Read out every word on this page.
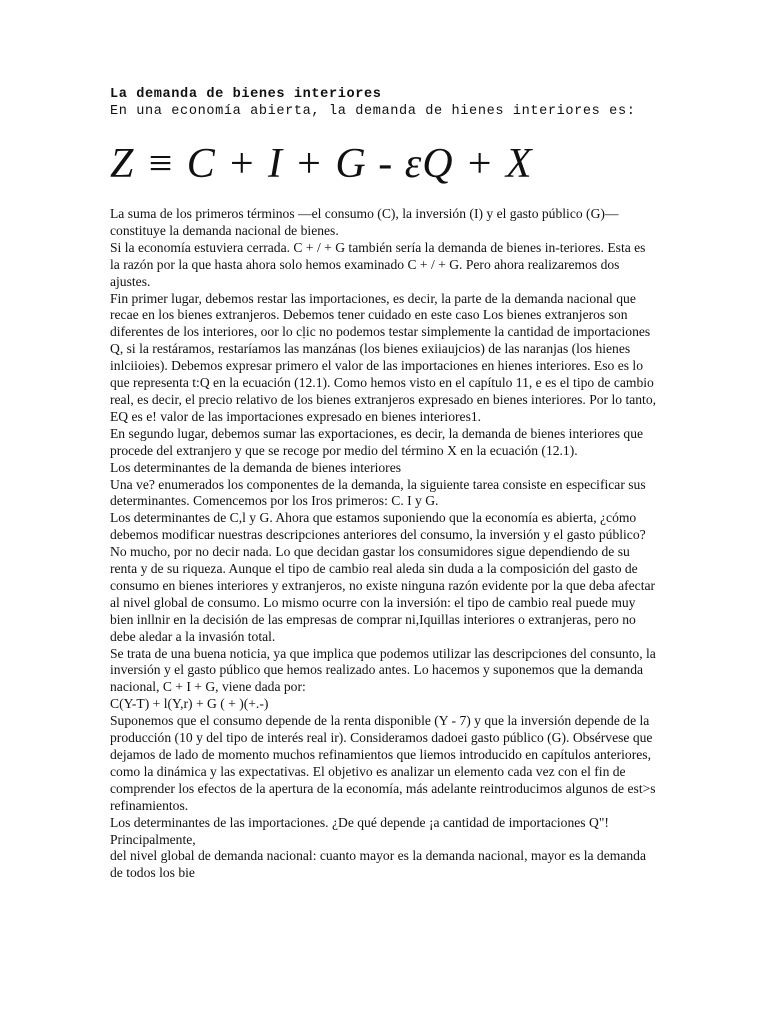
La demanda de bienes interiores
En una economía abierta, la demanda de hienes interiores es:
Z ≡ C + I + G - εQ + X

La suma de los primeros términos —el consumo (C), la inversión (I) y el gasto público (G)— constituye la demanda nacional de bienes.

Si la economía estuviera cerrada. C + / + G también sería la demanda de bienes in-teriores. Esta es la razón por la que hasta ahora solo hemos examinado C + / + G. Pero ahora realizaremos dos ajustes.

Fin primer lugar, debemos restar las importaciones, es decir, la parte de la demanda nacional que recae en los bienes extranjeros. Debemos tener cuidado en este caso Los bienes extranjeros son diferentes de los interiores, oor lo cḷic no podemos testar simplemente la cantidad de importaciones Q, si la restáramos, restaríamos las manzánas (los bienes exiiaujcios) de las naranjas (los hienes inlciioies). Debemos expresar primero el valor de las importaciones en hienes interiores. Eso es lo que representa t:Q en la ecuación (12.1). Como hemos visto en el capítulo 11, e es el tipo de cambio real, es decir, el precio relativo de los bienes extranjeros expresado en bienes interiores. Por lo tanto, EQ es e! valor de las importaciones expresado en bienes interiores1.

En segundo lugar, debemos sumar las exportaciones, es decir, la demanda de bienes interiores que procede del extranjero y que se recoge por medio del término X en la ecuación (12.1).

Los determinantes de la demanda de bienes interiores

Una ve? enumerados los componentes de la demanda, la siguiente tarea consiste en especificar sus determinantes. Comencemos por los Iros primeros: C. I y G.

Los determinantes de C,l y G. Ahora que estamos suponiendo que la economía es abierta, ¿cómo debemos modificar nuestras descripciones anteriores del consumo, la inversión y el gasto público? No mucho, por no decir nada. Lo que decidan gastar los consumidores sigue dependiendo de su renta y de su riqueza. Aunque el tipo de cambio real aleda sin duda a la composición del gasto de consumo en bienes interiores y extranjeros, no existe ninguna razón evidente por la que deba afectar al nivel global de consumo. Lo mismo ocurre con la inversión: el tipo de cambio real puede muy bien inllnir en la decisión de las empresas de comprar ni,Iquillas interiores o extranjeras, pero no debe aledar a la invasión total.

Se trata de una buena noticia, ya que implica que podemos utilizar las descripciones del consunto, la inversión y el gasto público que hemos realizado antes. Lo hacemos y suponemos que la demanda nacional, C + I + G, viene dada por:

C(Y-T) + l(Y,r) + G ( + )(+.-)

Suponemos que el consumo depende de la renta disponible (Y - 7) y que la inversión depende de la producción (10 y del tipo de interés real ir). Consideramos dadoei gasto público (G). Obsérvese que dejamos de lado de momento muchos refinamientos que liemos introducido en capítulos anteriores, como la dinámica y las expectativas. El objetivo es analizar un elemento cada vez con el fin de comprender los efectos de la apertura de la economía, más adelante reintroducimos algunos de est>s refinamientos.

Los determinantes de las importaciones. ¿De qué depende ¡a cantidad de importaciones Q"! Principalmente,

del nivel global de demanda nacional: cuanto mayor es la demanda nacional, mayor es la demanda de todos los bie
